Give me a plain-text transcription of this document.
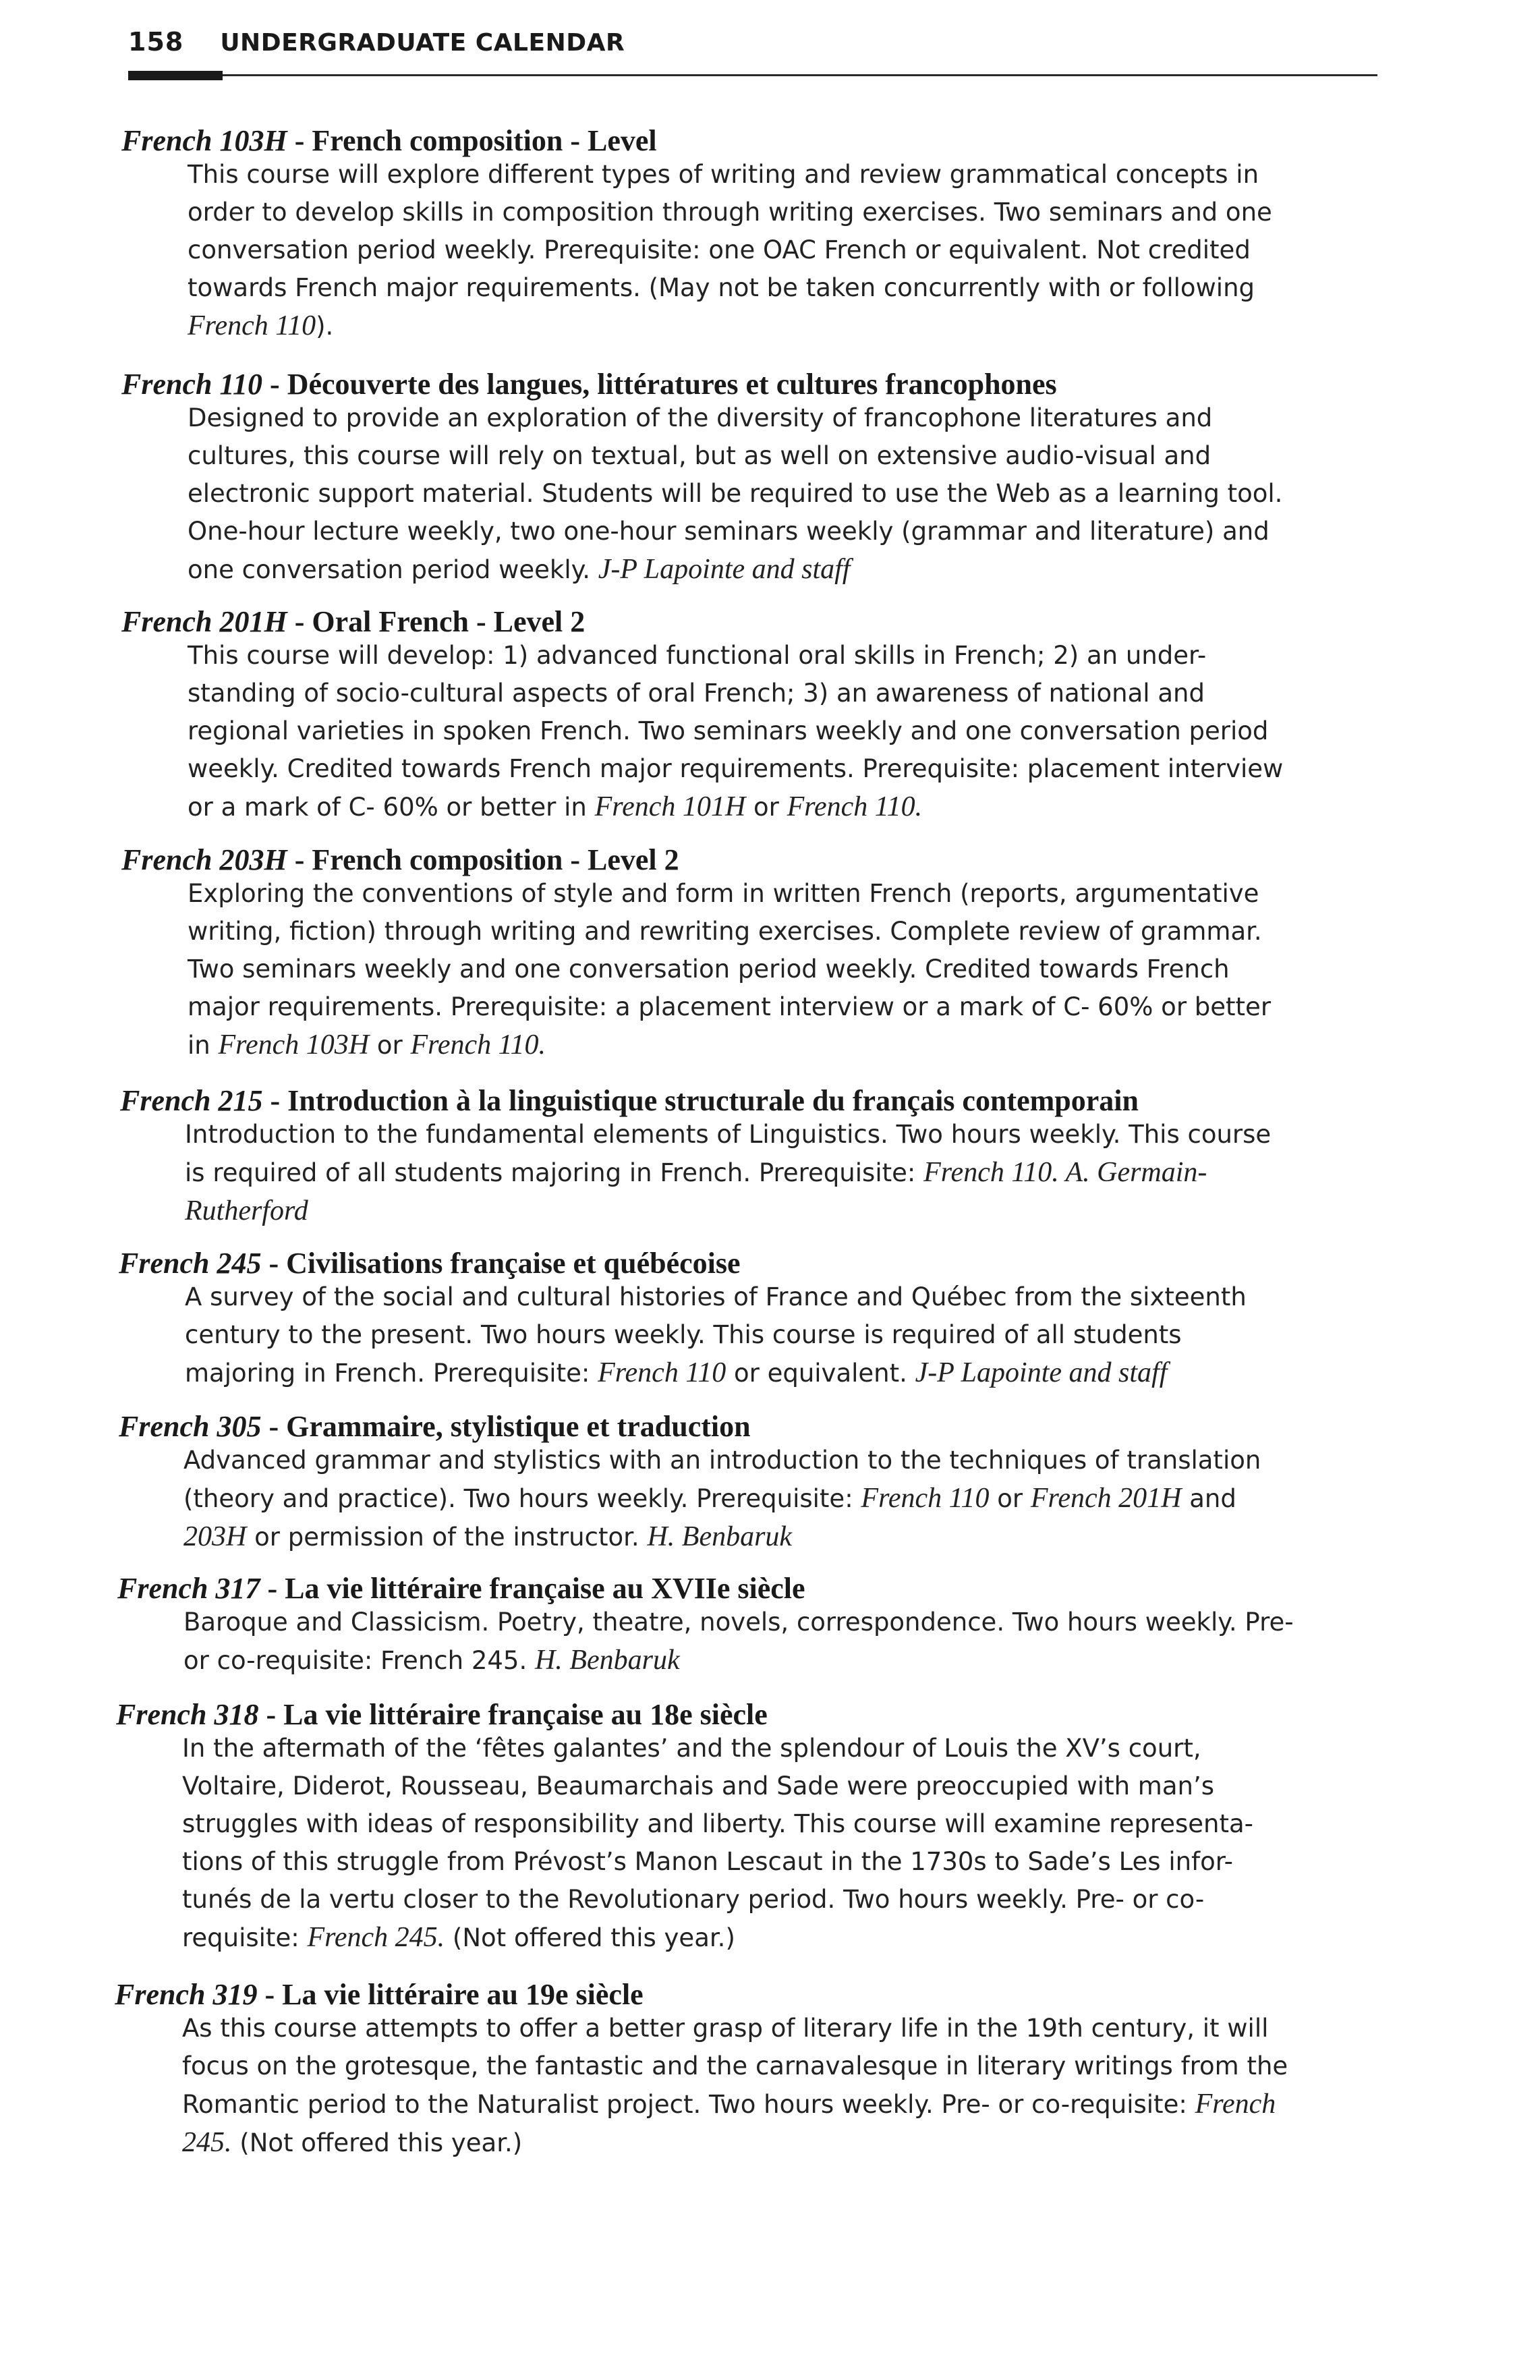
158 UNDERGRADUATE CALENDAR
French 103H - French composition - Level
This course will explore different types of writing and review grammatical concepts in
order to develop skills in composition through writing exercises. Two seminars and one
conversation period weekly. Prerequisite: one OAC French or equivalent. Not credited
towards French major requirements. (May not be taken concurrently with or following
French 110).
French 110 - Découverte des langues, littératures et cultures francophones
Designed to provide an exploration of the diversity of francophone literatures and
cultures, this course will rely on textual, but as well on extensive audio-visual and
electronic support material. Students will be required to use the Web as a learning tool.
One-hour lecture weekly, two one-hour seminars weekly (grammar and literature) and
one conversation period weekly. J-P Lapointe and staff
French 201H - Oral French - Level 2
This course will develop: 1) advanced functional oral skills in French; 2) an under-
standing of socio-cultural aspects of oral French; 3) an awareness of national and
regional varieties in spoken French. Two seminars weekly and one conversation period
weekly. Credited towards French major requirements. Prerequisite: placement interview
or a mark of C- 60% or better in French 101H or French 110.
French 203H - French composition - Level 2
Exploring the conventions of style and form in written French (reports, argumentative
writing, fiction) through writing and rewriting exercises. Complete review of grammar.
Two seminars weekly and one conversation period weekly. Credited towards French
major requirements. Prerequisite: a placement interview or a mark of C- 60% or better
in French 103H or French 110.
French 215 - Introduction à la linguistique structurale du français contemporain
Introduction to the fundamental elements of Linguistics. Two hours weekly. This course
is required of all students majoring in French. Prerequisite: French 110. A. Germain-
Rutherford
French 245 - Civilisations française et québécoise
A survey of the social and cultural histories of France and Québec from the sixteenth
century to the present. Two hours weekly. This course is required of all students
majoring in French. Prerequisite: French 110 or equivalent. J-P Lapointe and staff
French 305 - Grammaire, stylistique et traduction
Advanced grammar and stylistics with an introduction to the techniques of translation
(theory and practice). Two hours weekly. Prerequisite: French 110 or French 201H and
203H or permission of the instructor. H. Benbaruk
French 317 - La vie littéraire française au XVIIe siècle
Baroque and Classicism. Poetry, theatre, novels, correspondence. Two hours weekly. Pre-
or co-requisite: French 245. H. Benbaruk
French 318 - La vie littéraire française au 18e siècle
In the aftermath of the ‘fêtes galantes’ and the splendour of Louis the XV’s court,
Voltaire, Diderot, Rousseau, Beaumarchais and Sade were preoccupied with man’s
struggles with ideas of responsibility and liberty. This course will examine representa-
tions of this struggle from Prévost’s Manon Lescaut in the 1730s to Sade’s Les infor-
tunés de la vertu closer to the Revolutionary period. Two hours weekly. Pre- or co-
requisite: French 245. (Not offered this year.)
French 319 - La vie littéraire au 19e siècle
As this course attempts to offer a better grasp of literary life in the 19th century, it will
focus on the grotesque, the fantastic and the carnavalesque in literary writings from the
Romantic period to the Naturalist project. Two hours weekly. Pre- or co-requisite: French
245. (Not offered this year.)
